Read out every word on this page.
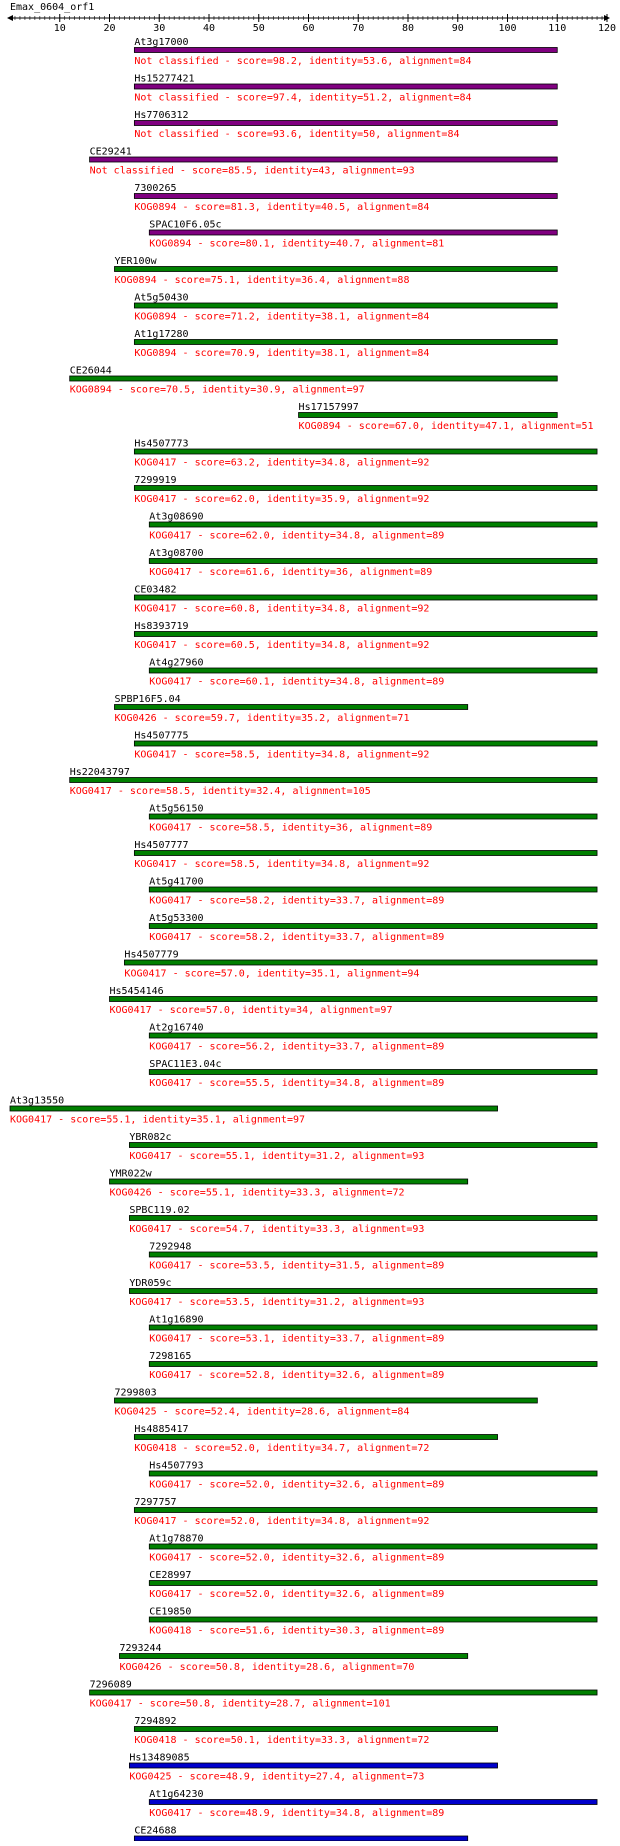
Emax_0604_orf1
10	20	30	40	50	60	70	80	90	100	110	120
At3g17000
Not classified - score=98.2, identity=53.6, alignment=84
Hs15277421
Not classified - score=97.4, identity=51.2, alignment=84
Hs7706312
Not classified - score=93.6, identity=50, alignment=84
CE29241
Not classified - score=85.5, identity=43, alignment=93
7300265
KOG0894 - score=81.3, identity=40.5, alignment=84
SPAC10F6.05c
KOG0894 - score=80.1, identity=40.7, alignment=81
YER100w
KOG0894 - score=75.1, identity=36.4, alignment=88
At5g50430
KOG0894 - score=71.2, identity=38.1, alignment=84
At1g17280
KOG0894 - score=70.9, identity=38.1, alignment=84
CE26044
KOG0894 - score=70.5, identity=30.9, alignment=97
Hs17157997
KOG0894 - score=67.0, identity=47.1, alignment=51
Hs4507773
KOG0417 - score=63.2, identity=34.8, alignment=92
7299919
KOG0417 - score=62.0, identity=35.9, alignment=92
At3g08690
KOG0417 - score=62.0, identity=34.8, alignment=89
At3g08700
KOG0417 - score=61.6, identity=36, alignment=89
CE03482
KOG0417 - score=60.8, identity=34.8, alignment=92
Hs8393719
KOG0417 - score=60.5, identity=34.8, alignment=92
At4g27960
KOG0417 - score=60.1, identity=34.8, alignment=89
SPBP16F5.04
KOG0426 - score=59.7, identity=35.2, alignment=71
Hs4507775
KOG0417 - score=58.5, identity=34.8, alignment=92
Hs22043797
KOG0417 - score=58.5, identity=32.4, alignment=105
At5g56150
KOG0417 - score=58.5, identity=36, alignment=89
Hs4507777
KOG0417 - score=58.5, identity=34.8, alignment=92
At5g41700
KOG0417 - score=58.2, identity=33.7, alignment=89
At5g53300
KOG0417 - score=58.2, identity=33.7, alignment=89
Hs4507779
KOG0417 - score=57.0, identity=35.1, alignment=94
Hs5454146
KOG0417 - score=57.0, identity=34, alignment=97
At2g16740
KOG0417 - score=56.2, identity=33.7, alignment=89
SPAC11E3.04c
KOG0417 - score=55.5, identity=34.8, alignment=89
At3g13550
KOG0417 - score=55.1, identity=35.1, alignment=97
YBR082c
KOG0417 - score=55.1, identity=31.2, alignment=93
YMR022w
KOG0426 - score=55.1, identity=33.3, alignment=72
SPBC119.02
KOG0417 - score=54.7, identity=33.3, alignment=93
7292948
KOG0417 - score=53.5, identity=31.5, alignment=89
YDR059c
KOG0417 - score=53.5, identity=31.2, alignment=93
At1g16890
KOG0417 - score=53.1, identity=33.7, alignment=89
7298165
KOG0417 - score=52.8, identity=32.6, alignment=89
7299803
KOG0425 - score=52.4, identity=28.6, alignment=84
Hs4885417
KOG0418 - score=52.0, identity=34.7, alignment=72
Hs4507793
KOG0417 - score=52.0, identity=32.6, alignment=89
7297757
KOG0417 - score=52.0, identity=34.8, alignment=92
At1g78870
KOG0417 - score=52.0, identity=32.6, alignment=89
CE28997
KOG0417 - score=52.0, identity=32.6, alignment=89
CE19850
KOG0418 - score=51.6, identity=30.3, alignment=89
7293244
KOG0426 - score=50.8, identity=28.6, alignment=70
7296089
KOG0417 - score=50.8, identity=28.7, alignment=101
7294892
KOG0418 - score=50.1, identity=33.3, alignment=72
Hs13489085
KOG0425 - score=48.9, identity=27.4, alignment=73
At1g64230
KOG0417 - score=48.9, identity=34.8, alignment=89
CE24688
